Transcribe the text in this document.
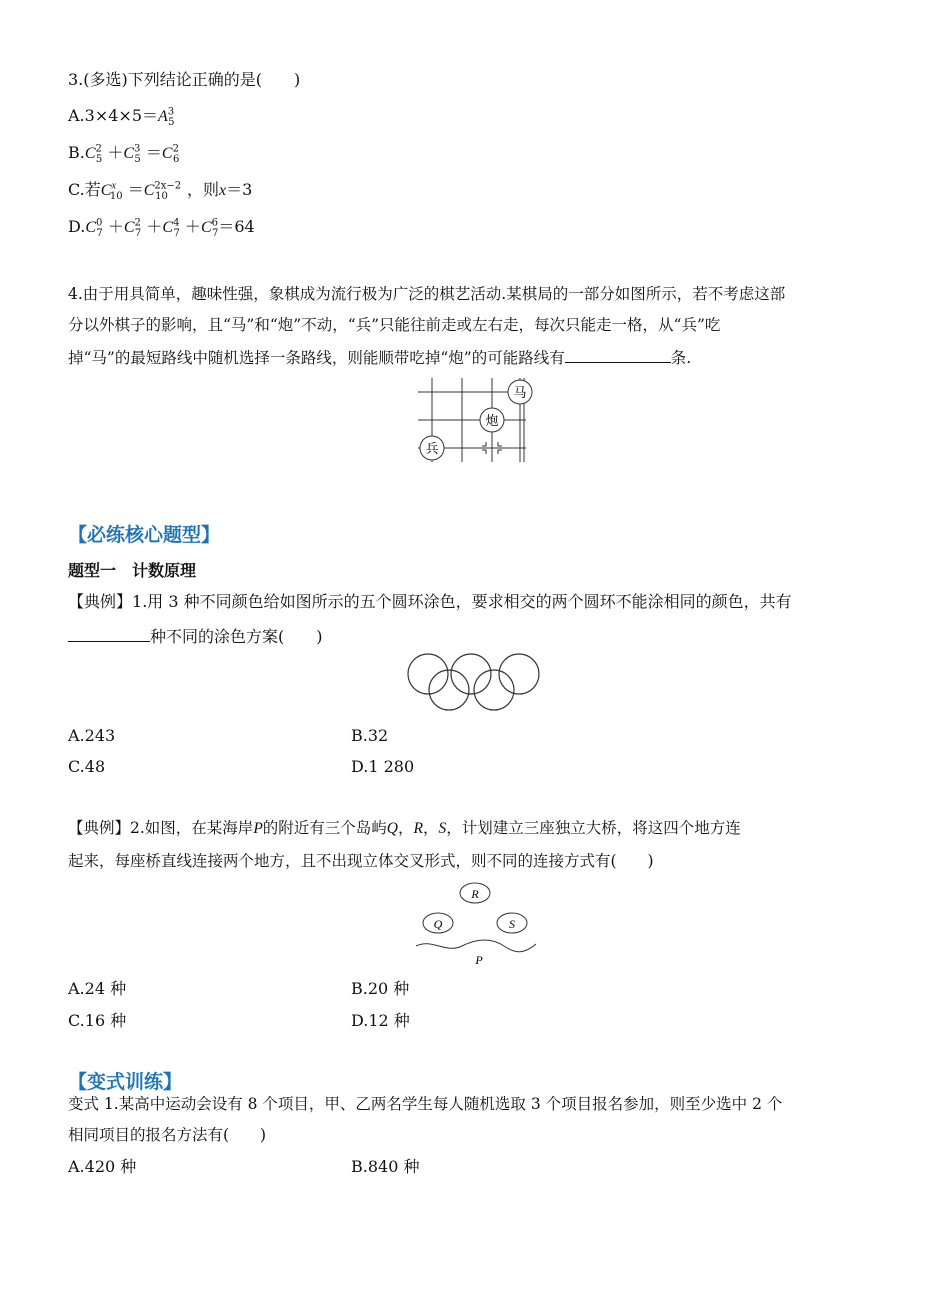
3.(多选)下列结论正确的是(　　)
$A.3\times 4\times 5=A^3_5$
$B.C^2_5 +C^3_5 =C^2_6$
C.若$C^x_{10} =C^{2x-2}_{10}$ ，则x＝3
$D.C^0_7 +C^2_7 +C^4_7 +C^6_7=64$
4.由于用具简单，趣味性强，象棋成为流行极为广泛的棋艺活动.某棋局的一部分如图所示，若不考虑这部
分以外棋子的影响，且“马”和“炮”不动，“兵”只能往前走或左右走，每次只能走一格，从“兵”吃
掉“马”的最短路线中随机选择一条路线，则能顺带吃掉“炮”的可能路线有	条.
马
炮
兵
【必练核心题型】
题型一　计数原理
【典例】1.用 3 种不同颜色给如图所示的五个圆环涂色，要求相交的两个圆环不能涂相同的颜色，共有
种不同的涂色方案(　　)
A.243	B.32
C.48	D.1 280
【典例】2.如图，在某海岸P的附近有三个岛屿Q，R，S，计划建立三座独立大桥，将这四个地方连
起来，每座桥直线连接两个地方，且不出现立体交叉形式，则不同的连接方式有(　　)
R
Q	S
P
A.24 种	B.20 种
C.16 种	D.12 种
【变式训练】
变式 1.某高中运动会设有 8 个项目，甲、乙两名学生每人随机选取 3 个项目报名参加，则至少选中 2 个
相同项目的报名方法有(　　)
A.420 种	B.840 种
